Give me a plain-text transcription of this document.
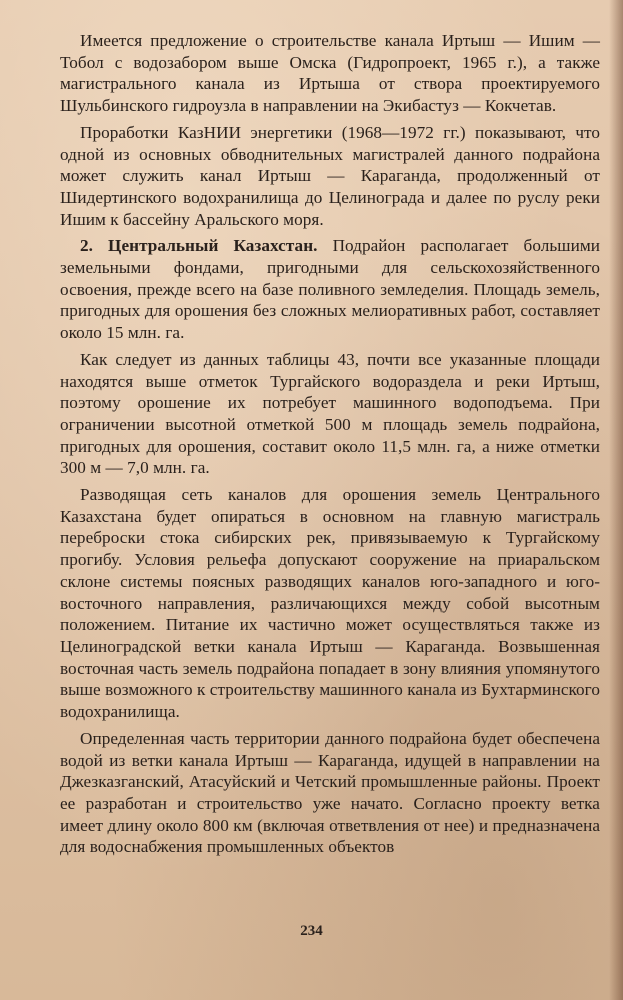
Имеется предложение о строительстве канала Иртыш — Ишим — Тобол с водозабором выше Омска (Гидропроект, 1965 г.), а также магистрального канала из Иртыша от створа проектируемого Шульбинского гидроузла в направлении на Экибастуз — Кокчетав.

Проработки КазНИИ энергетики (1968—1972 гг.) показывают, что одной из основных обводнительных магистралей данного подрайона может служить канал Иртыш — Караганда, продолженный от Шидертинского водохранилища до Целинограда и далее по руслу реки Ишим к бассейну Аральского моря.

2. Центральный Казахстан. Подрайон располагает большими земельными фондами, пригодными для сельскохозяйственного освоения, прежде всего на базе поливного земледелия. Площадь земель, пригодных для орошения без сложных мелиоративных работ, составляет около 15 млн. га.

Как следует из данных таблицы 43, почти все указанные площади находятся выше отметок Тургайского водораздела и реки Иртыш, поэтому орошение их потребует машинного водоподъема. При ограничении высотной отметкой 500 м площадь земель подрайона, пригодных для орошения, составит около 11,5 млн. га, а ниже отметки 300 м — 7,0 млн. га.

Разводящая сеть каналов для орошения земель Центрального Казахстана будет опираться в основном на главную магистраль переброски стока сибирских рек, привязываемую к Тургайскому прогибу. Условия рельефа допускают сооружение на приаральском склоне системы поясных разводящих каналов юго-западного и юго-восточного направления, различающихся между собой высотным положением. Питание их частично может осуществляться также из Целиноградской ветки канала Иртыш — Караганда. Возвышенная восточная часть земель подрайона попадает в зону влияния упомянутого выше возможного к строительству машинного канала из Бухтарминского водохранилища.

Определенная часть территории данного подрайона будет обеспечена водой из ветки канала Иртыш — Караганда, идущей в направлении на Джезказганский, Атасуйский и Четский промышленные районы. Проект ее разработан и строительство уже начато. Согласно проекту ветка имеет длину около 800 км (включая ответвления от нее) и предназначена для водоснабжения промышленных объектов

234
